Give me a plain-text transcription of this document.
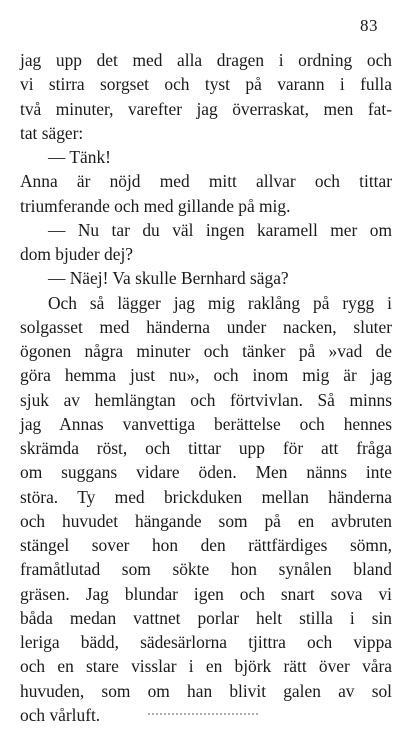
83
jag upp det med alla dragen i ordning och
vi stirra sorgset och tyst på varann i fulla
två minuter, varefter jag överraskat, men fat-
tat säger:
— Tänk!
Anna är nöjd med mitt allvar och tittar
triumferande och med gillande på mig.
— Nu tar du väl ingen karamell mer om
dom bjuder dej?
— Näej! Va skulle Bernhard säga?
Och så lägger jag mig raklång på rygg i
solgasset med händerna under nacken, sluter
ögonen några minuter och tänker på »vad de
göra hemma just nu», och inom mig är jag
sjuk av hemlängtan och förtvivlan. Så minns
jag Annas vanvettiga berättelse och hennes
skrämda röst, och tittar upp för att fråga
om suggans vidare öden. Men nänns inte
störa. Ty med brickduken mellan händerna
och huvudet hängande som på en avbruten
stängel sover hon den rättfärdiges sömn,
framåtlutad som sökte hon synålen bland
gräsen. Jag blundar igen och snart sova vi
båda medan vattnet porlar helt stilla i sin
leriga bädd, sädesärlorna tjittra och vippa
och en stare visslar i en björk rätt över våra
huvuden, som om han blivit galen av sol
och vårluft.
